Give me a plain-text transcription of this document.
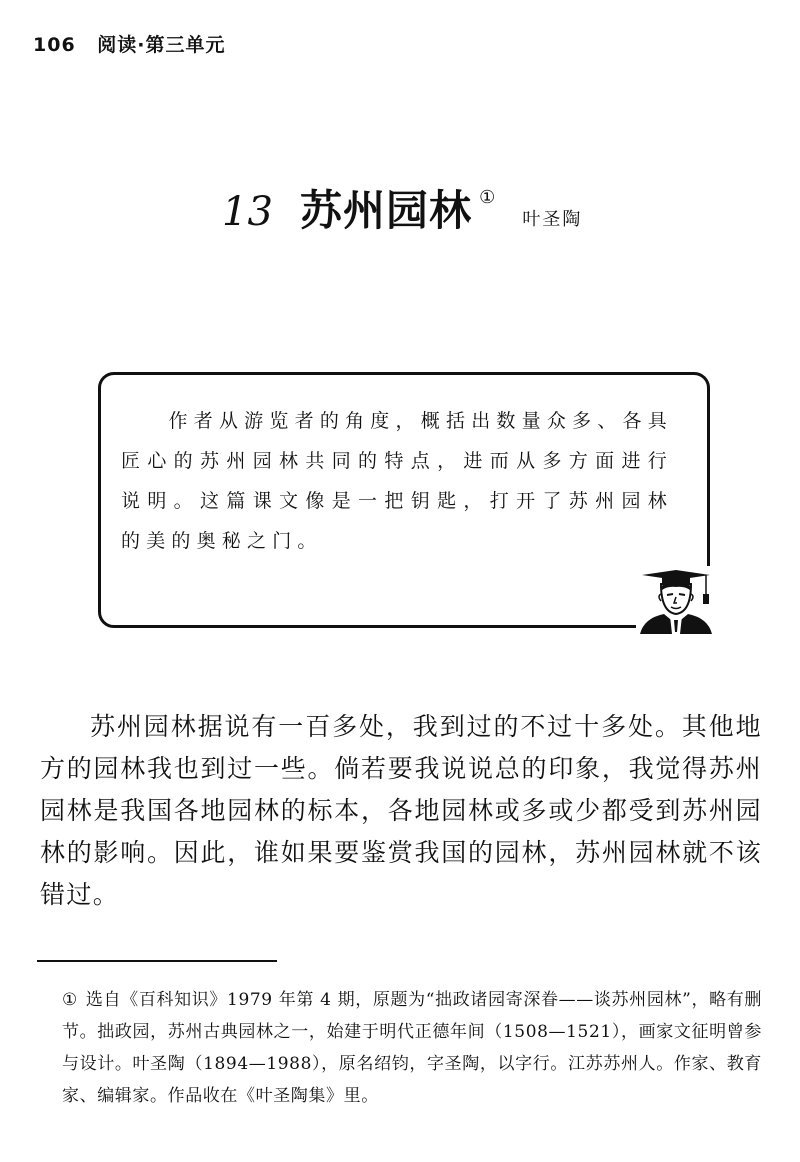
106 阅读·第三单元
13 苏州园林 ① 叶圣陶

作者从游览者的角度，概括出数量众多、各具匠心的苏州园林共同的特点，进而从多方面进行说明。这篇课文像是一把钥匙，打开了苏州园林的美的奥秘之门。

苏州园林据说有一百多处，我到过的不过十多处。其他地方的园林我也到过一些。倘若要我说说总的印象，我觉得苏州园林是我国各地园林的标本，各地园林或多或少都受到苏州园林的影响。因此，谁如果要鉴赏我国的园林，苏州园林就不该错过。

① 选自《百科知识》1979 年第 4 期，原题为“拙政诸园寄深眷——谈苏州园林”，略有删节。拙政园，苏州古典园林之一，始建于明代正德年间（1508—1521），画家文征明曾参与设计。叶圣陶（1894—1988），原名绍钧，字圣陶，以字行。江苏苏州人。作家、教育家、编辑家。作品收在《叶圣陶集》里。
